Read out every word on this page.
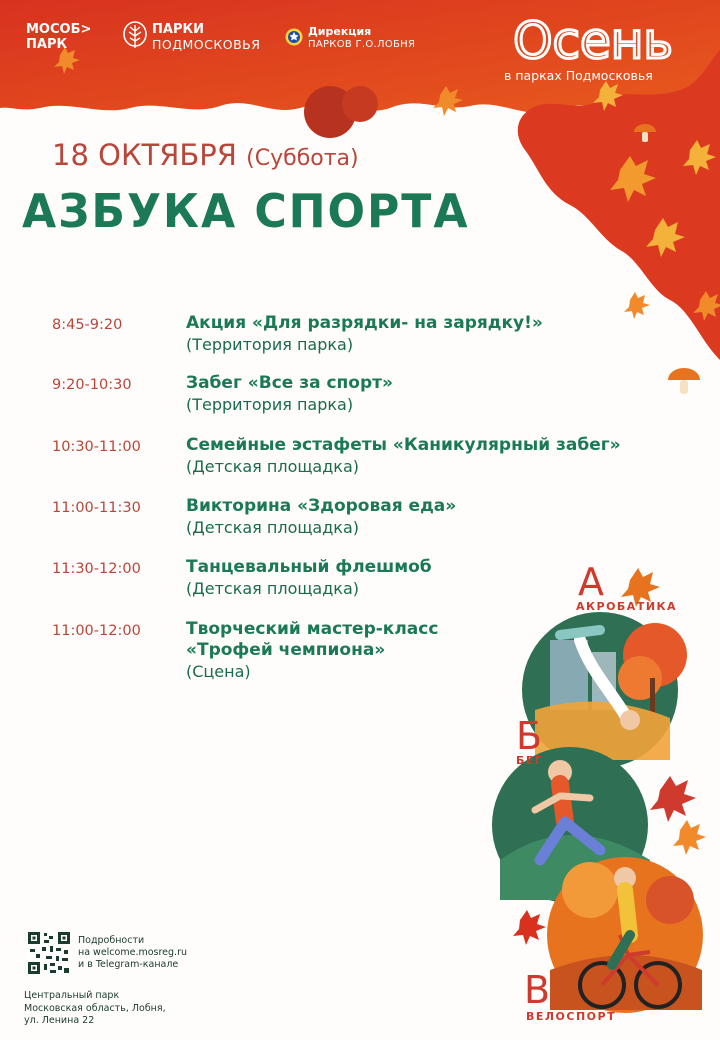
МОСОБ>
ПАРК
ПАРКИ
ПОДМОСКОВЬЯ
Дирекция
ПАРКОВ Г.О.ЛОБНЯ Осень
в парках Подмосковья
18 ОКТЯБРЯ (Суббота)
АЗБУКА СПОРТА
8:45-9:20	Акция «Для разрядки- на зарядку!»
(Территория парка)
9:20-10:30	Забег «Все за спорт»
(Территория парка)
10:30-11:00	Семейные эстафеты «Каникулярный забег»
(Детская площадка)
11:00-11:30	Викторина «Здоровая еда»
(Детская площадка)
11:30-12:00	Танцевальный флешмоб
(Детская площадка)
11:00-12:00	Творческий мастер-класс
«Трофей чемпиона»
(Сцена)
А
АКРОБАТИКА
Б
БЕГ
В
ВЕЛОСПОРТ
Подробности
на welcome.mosreg.ru
и в Telegram-канале
Центральный парк
Московская область, Лобня,
ул. Ленина 22
